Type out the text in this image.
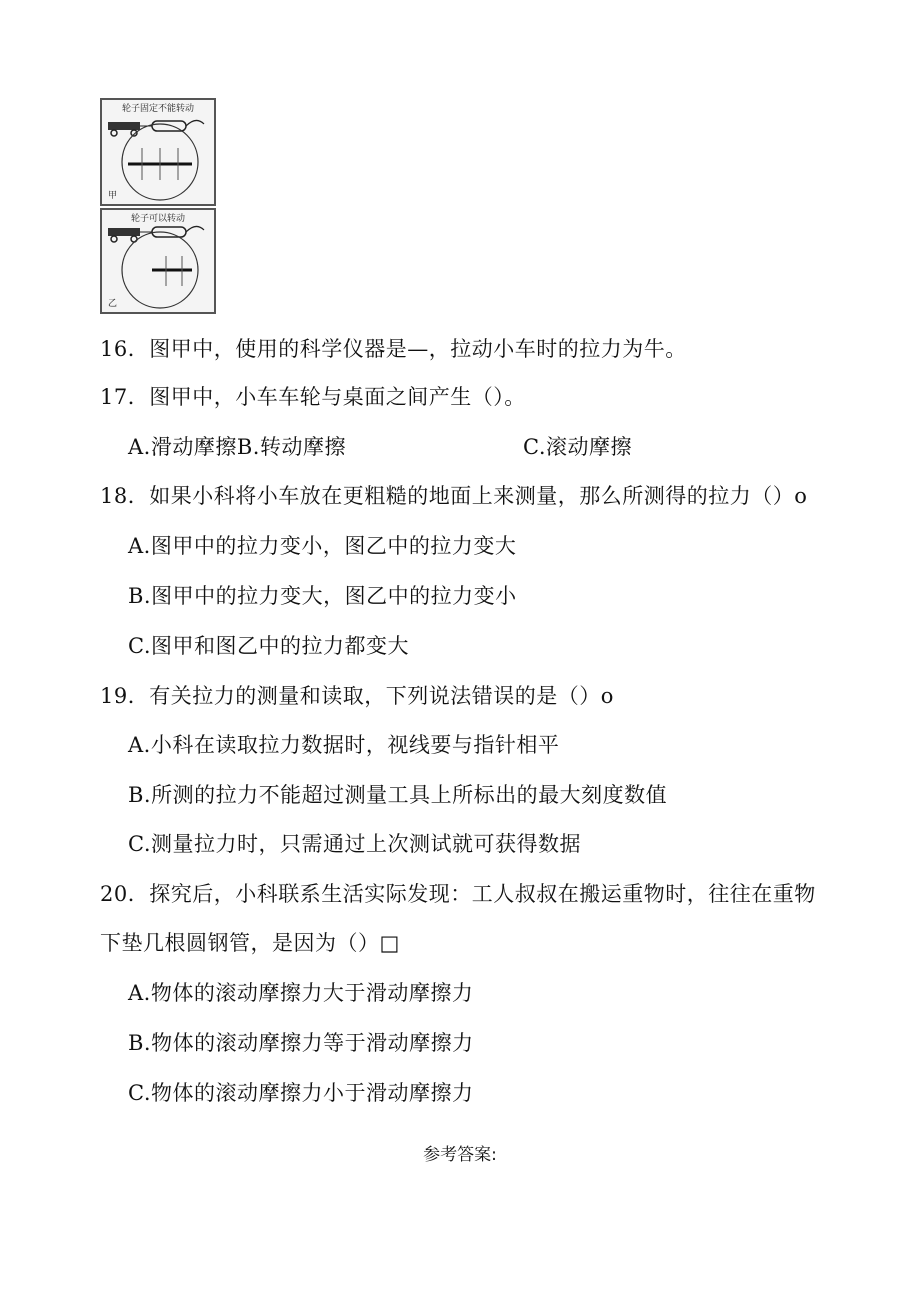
轮子固定不能转动
甲
轮子可以转动
乙
16．图甲中，使用的科学仪器是—，拉动小车时的拉力为牛。
17．图甲中，小车车轮与桌面之间产生（）。
A.滑动摩擦B.转动摩擦	C.滚动摩擦
18．如果小科将小车放在更粗糙的地面上来测量，那么所测得的拉力（）o
A.图甲中的拉力变小，图乙中的拉力变大
B.图甲中的拉力变大，图乙中的拉力变小
C.图甲和图乙中的拉力都变大
19．有关拉力的测量和读取，下列说法错误的是（）o
A.小科在读取拉力数据时，视线要与指针相平
B.所测的拉力不能超过测量工具上所标出的最大刻度数值
C.测量拉力时，只需通过上次测试就可获得数据
20．探究后，小科联系生活实际发现：工人叔叔在搬运重物时，往往在重物
下垫几根圆钢管，是因为（）□
A.物体的滚动摩擦力大于滑动摩擦力
B.物体的滚动摩擦力等于滑动摩擦力
C.物体的滚动摩擦力小于滑动摩擦力
参考答案:
